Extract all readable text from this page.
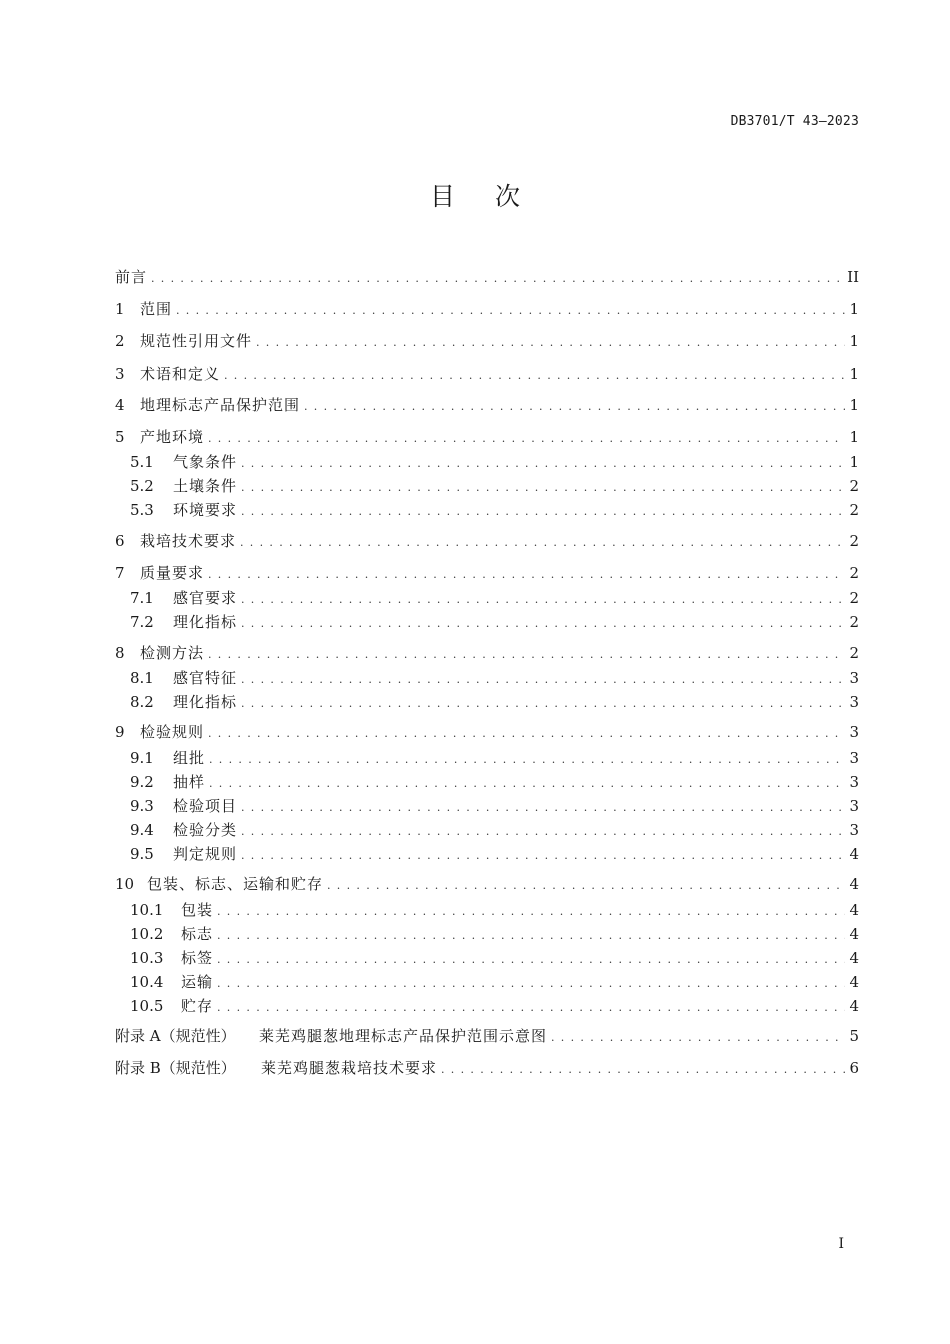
DB3701/T 43—2023
目 次
前言 . . .	II
1	范围 . . .	1
2	规范性引用文件 . . .	1
3	术语和定义 . . .	1
4	地理标志产品保护范围 . . .	1
5	产地环境 . . .	1
5.1	气象条件 . . .	1
5.2	土壤条件 . . .	2
5.3	环境要求 . . .	2
6	栽培技术要求 . . .	2
7	质量要求 . . .	2
7.1	感官要求 . . .	2
7.2	理化指标 . . .	2
8	检测方法 . . .	2
8.1	感官特征 . . .	3
8.2	理化指标 . . .	3
9	检验规则 . . .	3
9.1	组批 . . .	3
9.2	抽样 . . .	3
9.3	检验项目 . . .	3
9.4	检验分类 . . .	3
9.5	判定规则 . . .	4
10 包装、标志、运输和贮存 . . .	4
10.1	包装 . . .	4
10.2	标志 . . .	4
10.3	标签 . . .	4
10.4	运输 . . .	4
10.5	贮存 . . .	4
附录 A（规范性）	莱芜鸡腿葱地理标志产品保护范围示意图 . . .	5
附录 B（规范性）	莱芜鸡腿葱栽培技术要求 . . .	6
I
